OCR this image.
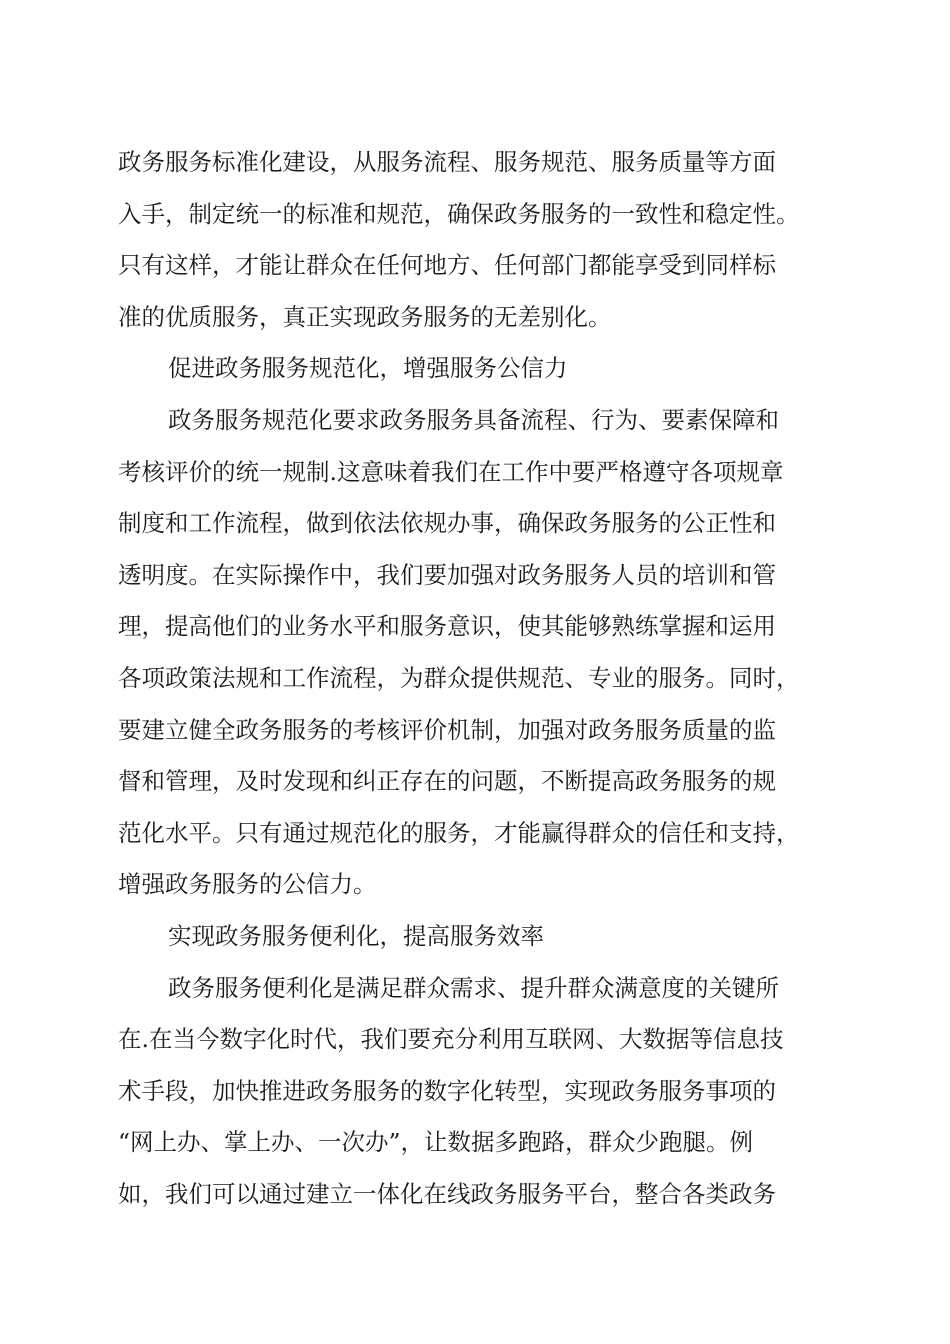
政务服务标准化建设，从服务流程、服务规范、服务质量等方面
入手，制定统一的标准和规范，确保政务服务的一致性和稳定性。
只有这样，才能让群众在任何地方、任何部门都能享受到同样标
准的优质服务，真正实现政务服务的无差别化。
促进政务服务规范化，增强服务公信力
政务服务规范化要求政务服务具备流程、行为、要素保障和
考核评价的统一规制.这意味着我们在工作中要严格遵守各项规章
制度和工作流程，做到依法依规办事，确保政务服务的公正性和
透明度。在实际操作中，我们要加强对政务服务人员的培训和管
理，提高他们的业务水平和服务意识，使其能够熟练掌握和运用
各项政策法规和工作流程，为群众提供规范、专业的服务。同时，
要建立健全政务服务的考核评价机制，加强对政务服务质量的监
督和管理，及时发现和纠正存在的问题，不断提高政务服务的规
范化水平。只有通过规范化的服务，才能赢得群众的信任和支持，
增强政务服务的公信力。
实现政务服务便利化，提高服务效率
政务服务便利化是满足群众需求、提升群众满意度的关键所
在.在当今数字化时代，我们要充分利用互联网、大数据等信息技
术手段，加快推进政务服务的数字化转型，实现政务服务事项的
“网上办、掌上办、一次办”，让数据多跑路，群众少跑腿。例
如，我们可以通过建立一体化在线政务服务平台，整合各类政务
